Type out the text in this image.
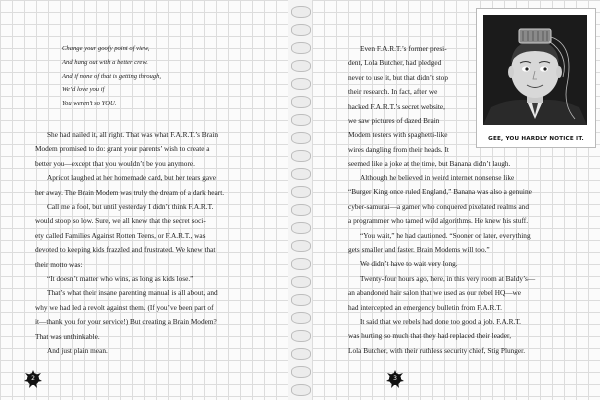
Change your goofy point of view,
And hang out with a better crew.
And if none of that is getting through,
We’d love you if
You weren’t so YOU.
She had nailed it, all right. That was what F.A.R.T.’s Brain
Modem promised to do: grant your parents’ wish to create a
better you—except that you wouldn’t be you anymore.
Apricot laughed at her homemade card, but her tears gave
her away. The Brain Modem was truly the dream of a dark heart.
Call me a fool, but until yesterday I didn’t think F.A.R.T.
would stoop so low. Sure, we all knew that the secret soci-
ety called Families Against Rotten Teens, or F.A.R.T., was
devoted to keeping kids frazzled and frustrated. We knew that
their motto was:
“It doesn’t matter who wins, as long as kids lose.”
That’s what their insane parenting manual is all about, and
why we had led a revolt against them. (If you’ve been part of
it—thank you for your service!) But creating a Brain Modem?
That was unthinkable.
And just plain mean.
2
Even F.A.R.T.’s former presi-
dent, Lola Butcher, had pledged
never to use it, but that didn’t stop
their research. In fact, after we
hacked F.A.R.T.’s secret website,
we saw pictures of dazed Brain
Modem testers with spaghetti-like
wires dangling from their heads. It
seemed like a joke at the time, but Banana didn’t laugh.
GEE, YOU HARDLY NOTICE IT.
Although he believed in weird internet nonsense like
“Burger King once ruled England,” Banana was also a genuine
cyber-samurai—a gamer who conquered pixelated realms and
a programmer who tamed wild algorithms. He knew his stuff.
“You wait,” he had cautioned. “Sooner or later, everything
gets smaller and faster. Brain Modems will too.”
We didn’t have to wait very long.
Twenty-four hours ago, here, in this very room at Baldy’s—
an abandoned hair salon that we used as our rebel HQ—we
had intercepted an emergency bulletin from F.A.R.T.
It said that we rebels had done too good a job. F.A.R.T.
was hurting so much that they had replaced their leader,
Lola Butcher, with their ruthless security chief, Stig Plunger.
3
